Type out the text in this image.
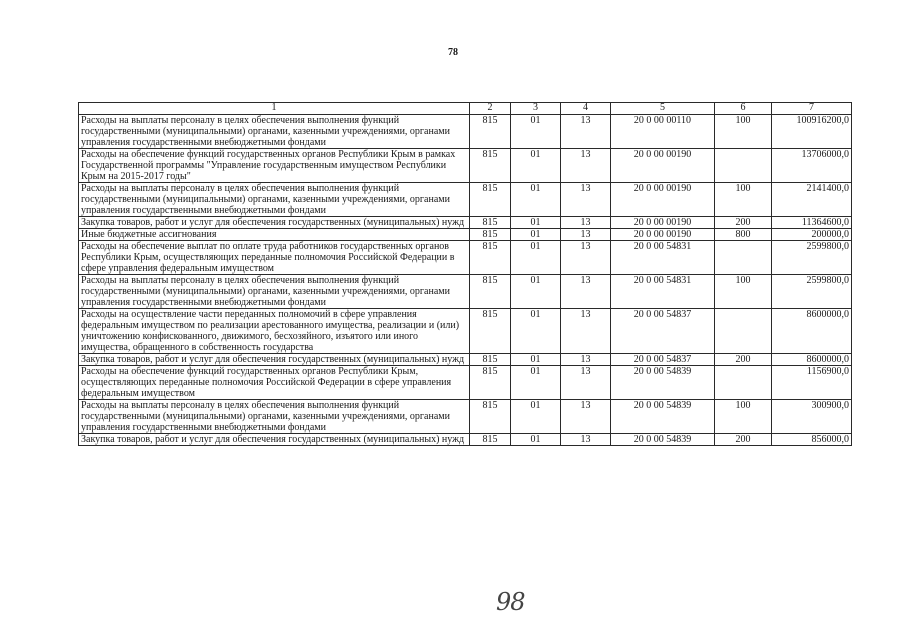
78
1	2	3	4	5	6	7
Расходы на выплаты персоналу в целях обеспечения выполнения функций государственными (муниципальными) органами, казенными учреждениями, органами управления государственными внебюджетными фондами	815	01	13	20 0 00 00110	100	100916200,0
Расходы на обеспечение функций государственных органов Республики Крым в рамках Государственной программы "Управление государственным имуществом Республики Крым на 2015-2017 годы"	815	01	13	20 0 00 00190		13706000,0
Расходы на выплаты персоналу в целях обеспечения выполнения функций государственными (муниципальными) органами, казенными учреждениями, органами управления государственными внебюджетными фондами	815	01	13	20 0 00 00190	100	2141400,0
Закупка товаров, работ и услуг для обеспечения государственных (муниципальных) нужд	815	01	13	20 0 00 00190	200	11364600,0
Иные бюджетные ассигнования	815	01	13	20 0 00 00190	800	200000,0
Расходы на обеспечение выплат по оплате труда работников государственных органов Республики Крым, осуществляющих переданные полномочия Российской Федерации в сфере управления федеральным имуществом	815	01	13	20 0 00 54831		2599800,0
Расходы на выплаты персоналу в целях обеспечения выполнения функций государственными (муниципальными) органами, казенными учреждениями, органами управления государственными внебюджетными фондами	815	01	13	20 0 00 54831	100	2599800,0
Расходы на осуществление части переданных полномочий в сфере управления федеральным имуществом по реализации арестованного имущества, реализации и (или) уничтожению конфискованного, движимого, бесхозяйного, изъятого или иного имущества, обращенного в собственность государства	815	01	13	20 0 00 54837		8600000,0
Закупка товаров, работ и услуг для обеспечения государственных (муниципальных) нужд	815	01	13	20 0 00 54837	200	8600000,0
Расходы на обеспечение функций государственных органов Республики Крым, осуществляющих переданные полномочия Российской Федерации в сфере управления федеральным имуществом	815	01	13	20 0 00 54839		1156900,0
Расходы на выплаты персоналу в целях обеспечения выполнения функций государственными (муниципальными) органами, казенными учреждениями, органами управления государственными внебюджетными фондами	815	01	13	20 0 00 54839	100	300900,0
Закупка товаров, работ и услуг для обеспечения государственных (муниципальных) нужд	815	01	13	20 0 00 54839	200	856000,0
98
